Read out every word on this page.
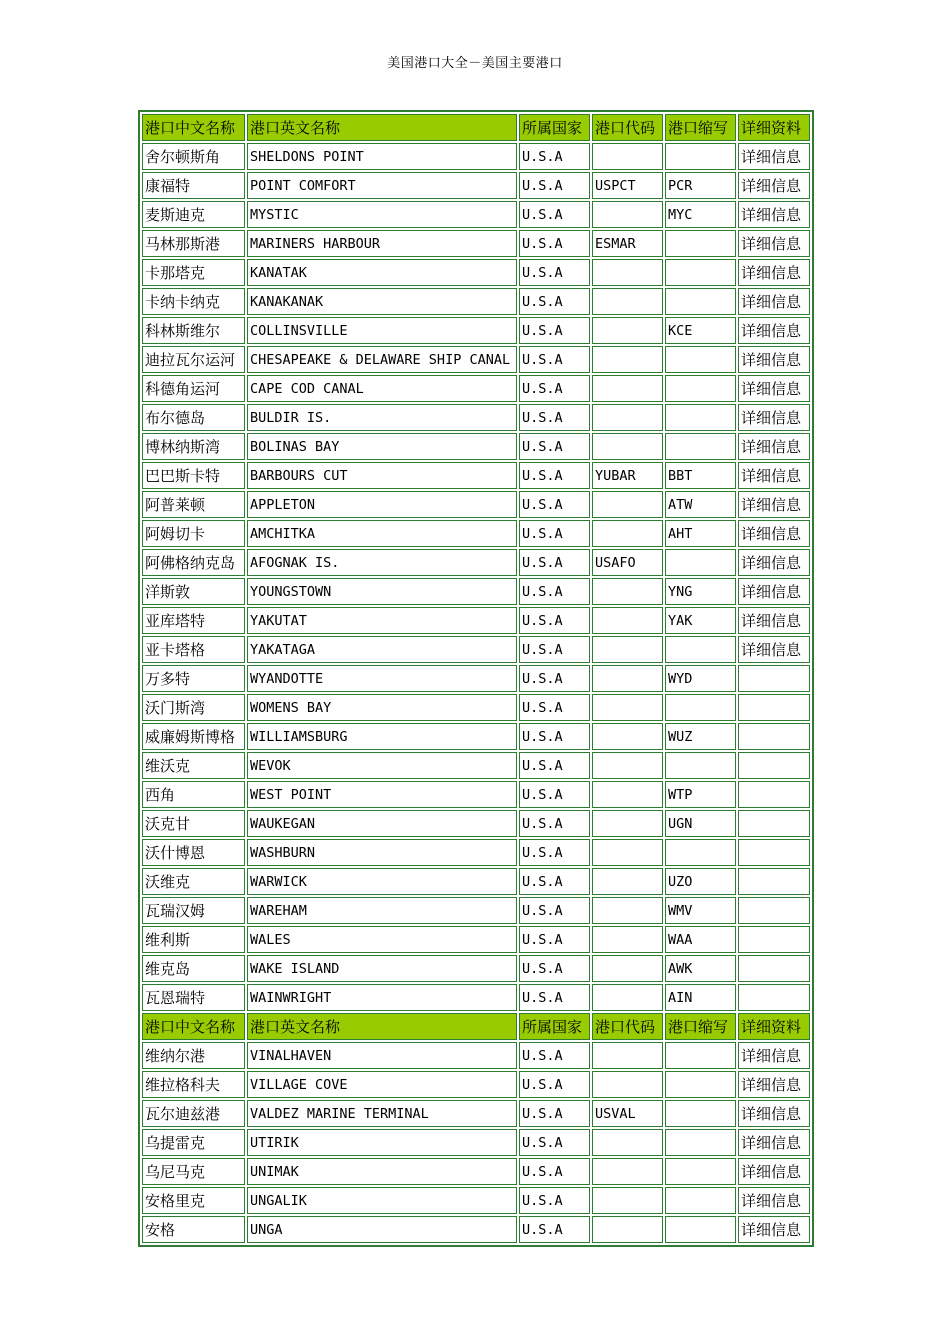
美国港口大全－美国主要港口
港口中文名称	港口英文名称	所属国家	港口代码	港口缩写	详细资料
舍尔顿斯角	SHELDONS POINT	U.S.A			详细信息
康福特	POINT COMFORT	U.S.A	USPCT	PCR	详细信息
麦斯迪克	MYSTIC	U.S.A		MYC	详细信息
马林那斯港	MARINERS HARBOUR	U.S.A	ESMAR		详细信息
卡那塔克	KANATAK	U.S.A			详细信息
卡纳卡纳克	KANAKANAK	U.S.A			详细信息
科林斯维尔	COLLINSVILLE	U.S.A		KCE	详细信息
迪拉瓦尔运河	CHESAPEAKE & DELAWARE SHIP CANAL	U.S.A			详细信息
科德角运河	CAPE COD CANAL	U.S.A			详细信息
布尔德岛	BULDIR IS.	U.S.A			详细信息
博林纳斯湾	BOLINAS BAY	U.S.A			详细信息
巴巴斯卡特	BARBOURS CUT	U.S.A	YUBAR	BBT	详细信息
阿普莱顿	APPLETON	U.S.A		ATW	详细信息
阿姆切卡	AMCHITKA	U.S.A		AHT	详细信息
阿佛格纳克岛	AFOGNAK IS.	U.S.A	USAFO		详细信息
洋斯敦	YOUNGSTOWN	U.S.A		YNG	详细信息
亚库塔特	YAKUTAT	U.S.A		YAK	详细信息
亚卡塔格	YAKATAGA	U.S.A			详细信息
万多特	WYANDOTTE	U.S.A		WYD	
沃门斯湾	WOMENS BAY	U.S.A			
威廉姆斯博格	WILLIAMSBURG	U.S.A		WUZ	
维沃克	WEVOK	U.S.A			
西角	WEST POINT	U.S.A		WTP	
沃克甘	WAUKEGAN	U.S.A		UGN	
沃什博恩	WASHBURN	U.S.A			
沃维克	WARWICK	U.S.A		UZO	
瓦瑞汉姆	WAREHAM	U.S.A		WMV	
维利斯	WALES	U.S.A		WAA	
维克岛	WAKE ISLAND	U.S.A		AWK	
瓦恩瑞特	WAINWRIGHT	U.S.A		AIN	
港口中文名称	港口英文名称	所属国家	港口代码	港口缩写	详细资料
维纳尔港	VINALHAVEN	U.S.A			详细信息
维拉格科夫	VILLAGE COVE	U.S.A			详细信息
瓦尔迪兹港	VALDEZ MARINE TERMINAL	U.S.A	USVAL		详细信息
乌提雷克	UTIRIK	U.S.A			详细信息
乌尼马克	UNIMAK	U.S.A			详细信息
安格里克	UNGALIK	U.S.A			详细信息
安格	UNGA	U.S.A			详细信息
